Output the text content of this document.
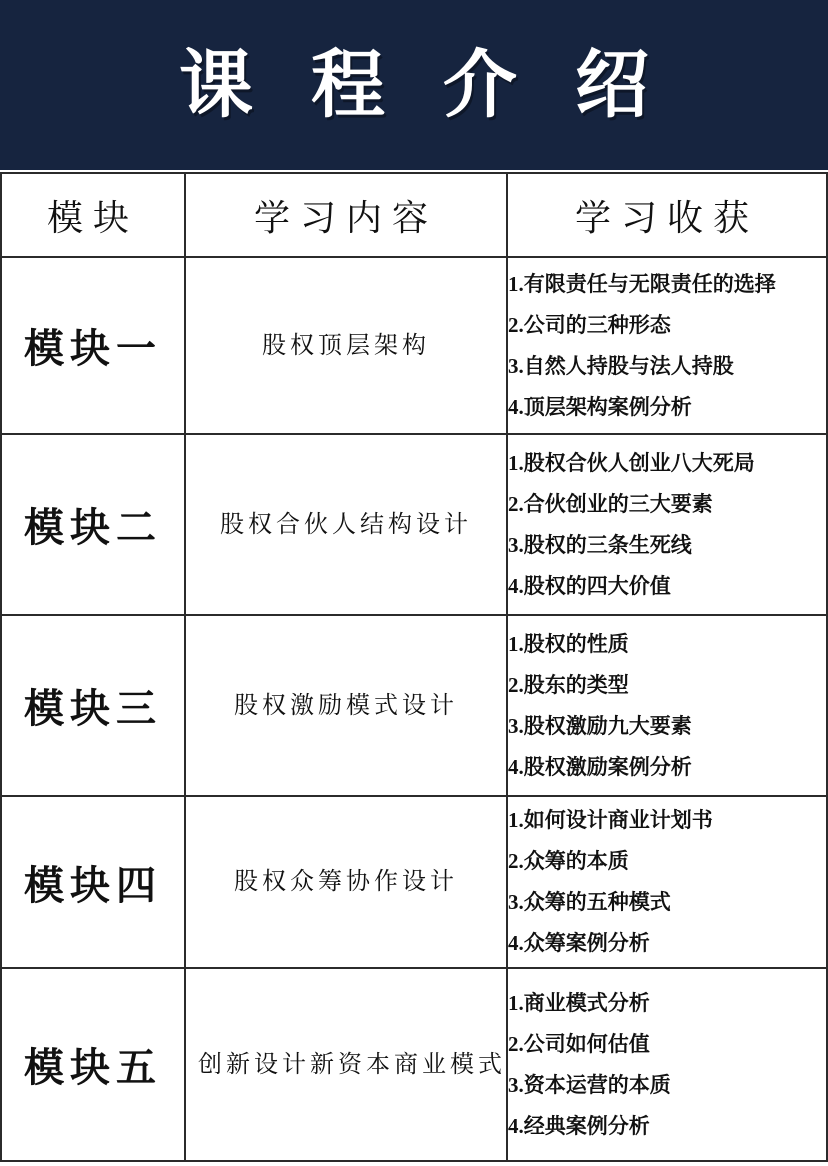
课程介绍
模块	学习内容	学习收获
模块一	股权顶层架构	1.有限责任与无限责任的选择
2.公司的三种形态
3.自然人持股与法人持股
4.顶层架构案例分析

模块二	股权合伙人结构设计	1.股权合伙人创业八大死局
2.合伙创业的三大要素
3.股权的三条生死线
4.股权的四大价值

模块三	股权激励模式设计	1.股权的性质
2.股东的类型
3.股权激励九大要素
4.股权激励案例分析

模块四	股权众筹协作设计	1.如何设计商业计划书
2.众筹的本质
3.众筹的五种模式
4.众筹案例分析

模块五	创新设计新资本商业模式	1.商业模式分析
2.公司如何估值
3.资本运营的本质
4.经典案例分析
